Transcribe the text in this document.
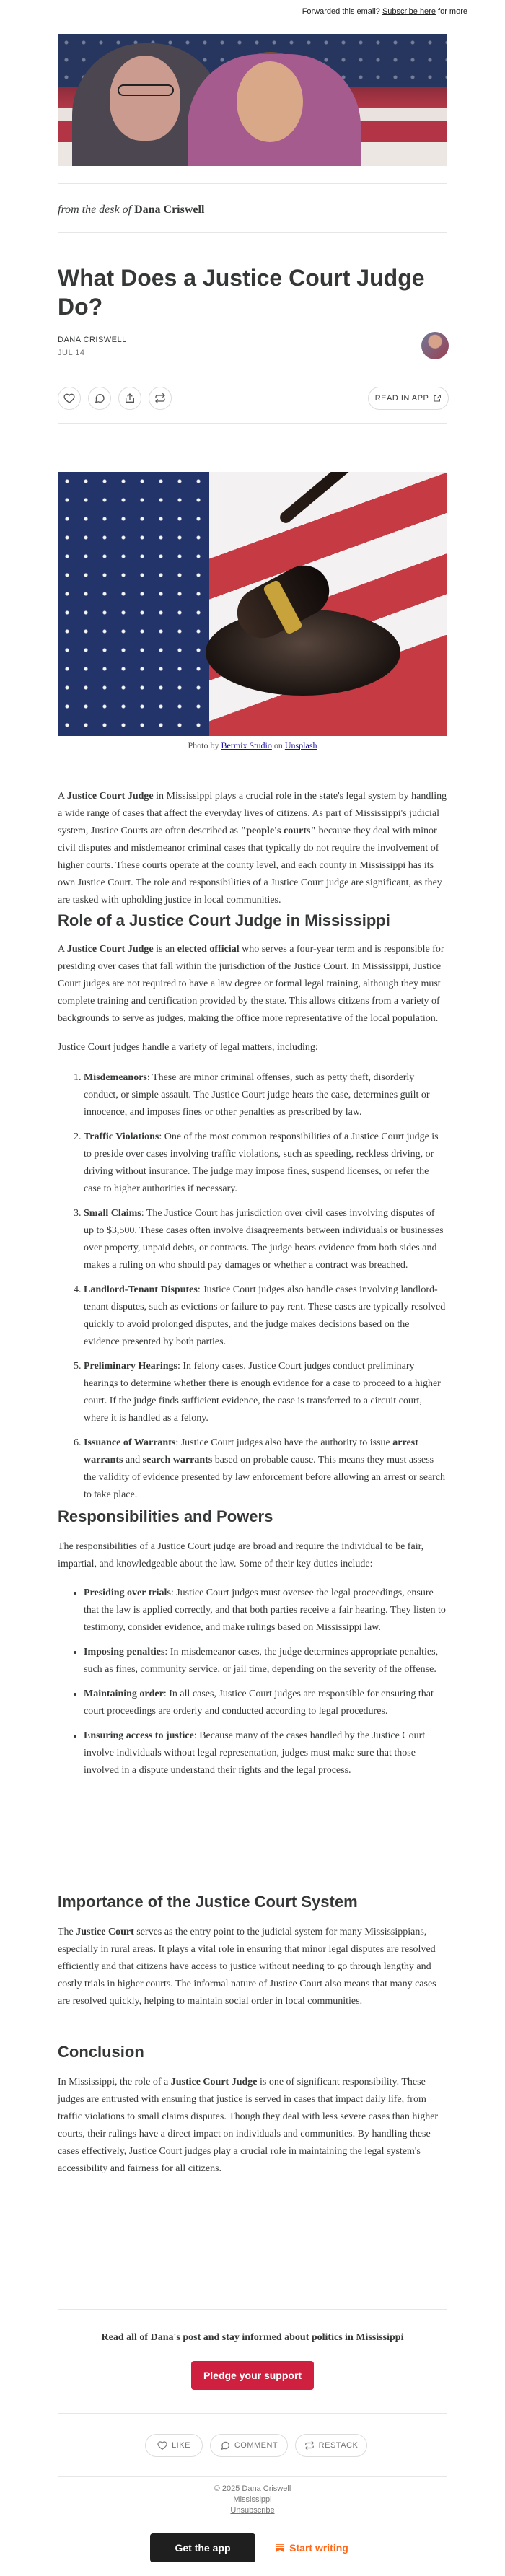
Forwarded this email? Subscribe here for more
from the desk of Dana Criswell
What Does a Justice Court Judge Do?
DANA CRISWELL
JUL 14
READ IN APP
Photo by Bermix Studio on Unsplash

A Justice Court Judge in Mississippi plays a crucial role in the state's legal system by handling a wide range of cases that affect the everyday lives of citizens. As part of Mississippi's judicial system, Justice Courts are often described as "people's courts" because they deal with minor civil disputes and misdemeanor criminal cases that typically do not require the involvement of higher courts. These courts operate at the county level, and each county in Mississippi has its own Justice Court. The role and responsibilities of a Justice Court judge are significant, as they are tasked with upholding justice in local communities.

Role of a Justice Court Judge in Mississippi

A Justice Court Judge is an elected official who serves a four-year term and is responsible for presiding over cases that fall within the jurisdiction of the Justice Court. In Mississippi, Justice Court judges are not required to have a law degree or formal legal training, although they must complete training and certification provided by the state. This allows citizens from a variety of backgrounds to serve as judges, making the office more representative of the local population.

Justice Court judges handle a variety of legal matters, including:
1. Misdemeanors: These are minor criminal offenses, such as petty theft, disorderly conduct, or simple assault. The Justice Court judge hears the case, determines guilt or innocence, and imposes fines or other penalties as prescribed by law.
2. Traffic Violations: One of the most common responsibilities of a Justice Court judge is to preside over cases involving traffic violations, such as speeding, reckless driving, or driving without insurance. The judge may impose fines, suspend licenses, or refer the case to higher authorities if necessary.
3. Small Claims: The Justice Court has jurisdiction over civil cases involving disputes of up to $3,500. These cases often involve disagreements between individuals or businesses over property, unpaid debts, or contracts. The judge hears evidence from both sides and makes a ruling on who should pay damages or whether a contract was breached.
4. Landlord-Tenant Disputes: Justice Court judges also handle cases involving landlord-tenant disputes, such as evictions or failure to pay rent. These cases are typically resolved quickly to avoid prolonged disputes, and the judge makes decisions based on the evidence presented by both parties.
5. Preliminary Hearings: In felony cases, Justice Court judges conduct preliminary hearings to determine whether there is enough evidence for a case to proceed to a higher court. If the judge finds sufficient evidence, the case is transferred to a circuit court, where it is handled as a felony.
6. Issuance of Warrants: Justice Court judges also have the authority to issue arrest warrants and search warrants based on probable cause. This means they must assess the validity of evidence presented by law enforcement before allowing an arrest or search to take place.
Responsibilities and Powers
The responsibilities of a Justice Court judge are broad and require the individual to be fair, impartial, and knowledgeable about the law. Some of their key duties include:
• Presiding over trials: Justice Court judges must oversee the legal proceedings, ensure that the law is applied correctly, and that both parties receive a fair hearing. They listen to testimony, consider evidence, and make rulings based on Mississippi law.
• Imposing penalties: In misdemeanor cases, the judge determines appropriate penalties, such as fines, community service, or jail time, depending on the severity of the offense.
• Maintaining order: In all cases, Justice Court judges are responsible for ensuring that court proceedings are orderly and conducted according to legal procedures.
• Ensuring access to justice: Because many of the cases handled by the Justice Court involve individuals without legal representation, judges must make sure that those involved in a dispute understand their rights and the legal process.
Importance of the Justice Court System

The Justice Court serves as the entry point to the judicial system for many Mississippians, especially in rural areas. It plays a vital role in ensuring that minor legal disputes are resolved efficiently and that citizens have access to justice without needing to go through lengthy and costly trials in higher courts. The informal nature of Justice Court also means that many cases are resolved quickly, helping to maintain social order in local communities.

Conclusion

In Mississippi, the role of a Justice Court Judge is one of significant responsibility. These judges are entrusted with ensuring that justice is served in cases that impact daily life, from traffic violations to small claims disputes. Though they deal with less severe cases than higher courts, their rulings have a direct impact on individuals and communities. By handling these cases effectively, Justice Court judges play a crucial role in maintaining the legal system's accessibility and fairness for all citizens.

Read all of Dana's post and stay informed about politics in Mississippi
Pledge your support
LIKE	COMMENT	RESTACK
© 2025 Dana Criswell
Mississippi
Unsubscribe
Get the app	Start writing
